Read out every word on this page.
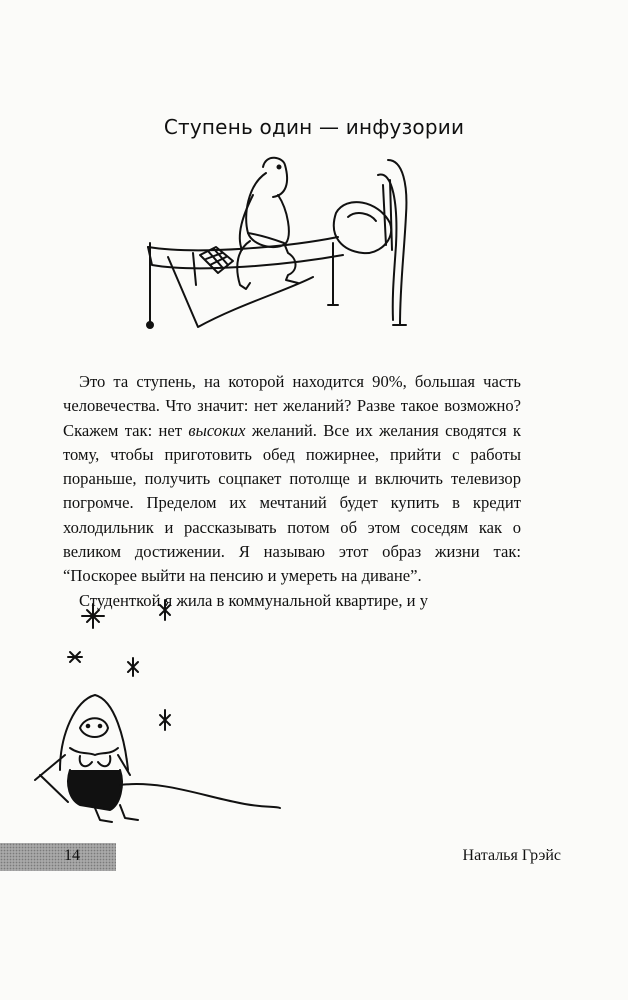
Ступень один — инфузории

Это та ступень, на которой находится 90%, большая часть человечества. Что значит: нет желаний? Разве такое возможно? Скажем так: нет высоких желаний. Все их желания сводятся к тому, чтобы приготовить обед пожирнее, прийти с работы пораньше, получить соцпакет потолще и включить телевизор погромче. Пределом их мечтаний будет купить в кредит холодильник и рассказывать потом об этом соседям как о великом достижении. Я называю этот образ жизни так: “Поскорее выйти на пенсию и умереть на диване”.

Студенткой я жила в коммунальной квартире, и у

14	Наталья Грэйс
